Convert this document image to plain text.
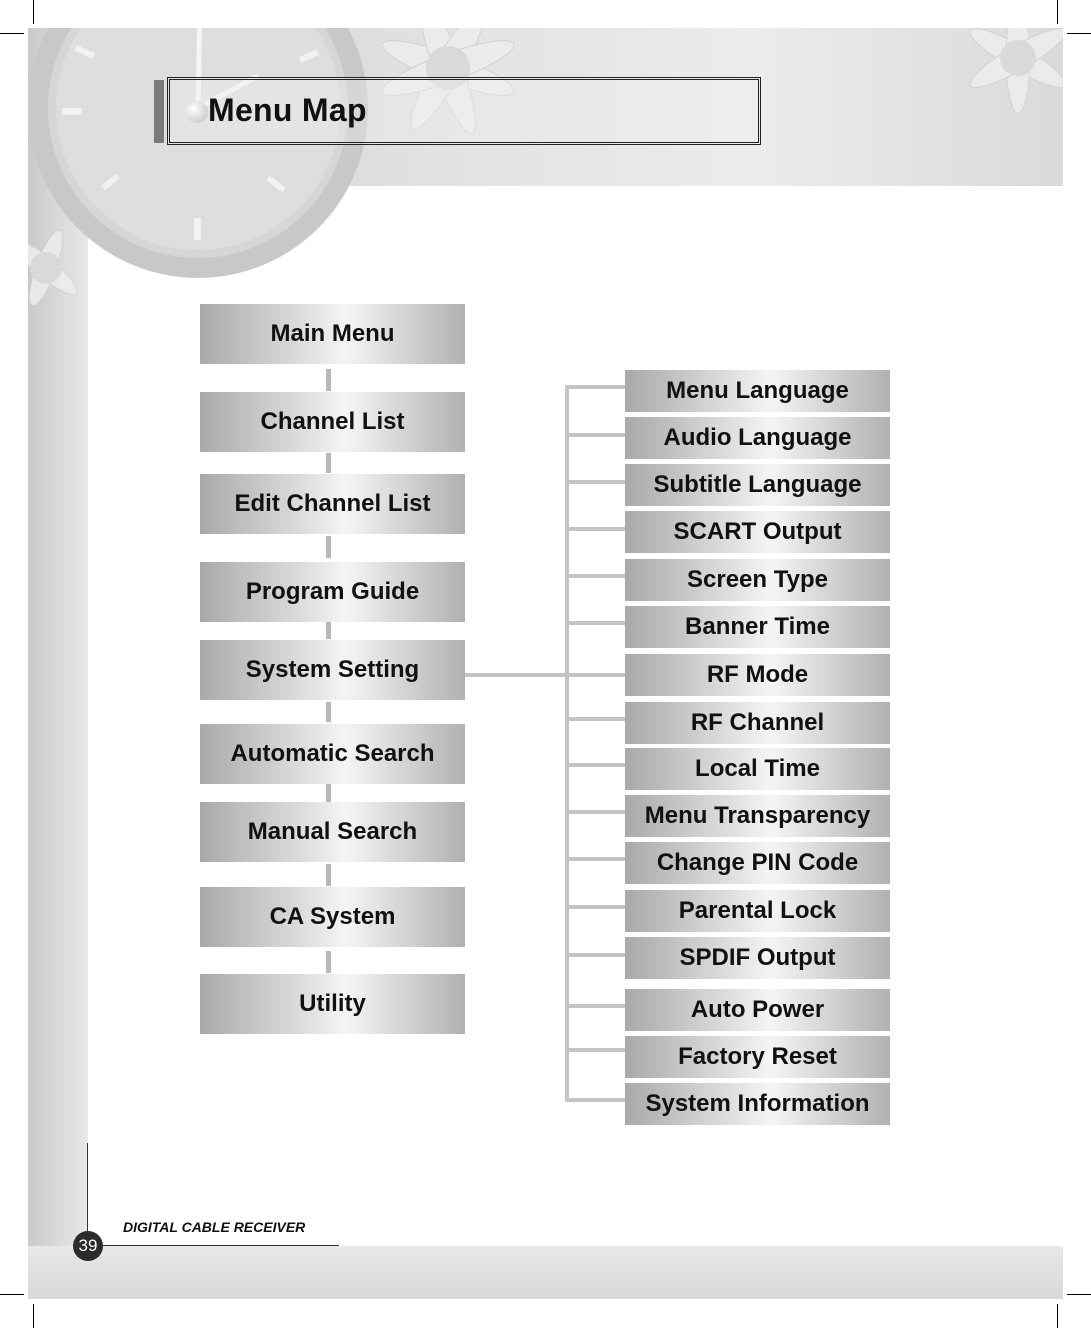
Menu Map
Main Menu
Channel List
Edit Channel List
Program Guide
System Setting
Automatic Search
Manual Search
CA System
Utility
Menu Language
Audio Language
Subtitle Language
SCART Output
Screen Type
Banner Time
RF Mode
RF Channel
Local Time
Menu Transparency
Change PIN Code
Parental Lock
SPDIF Output
Auto Power
Factory Reset
System Information
39
DIGITAL CABLE RECEIVER
